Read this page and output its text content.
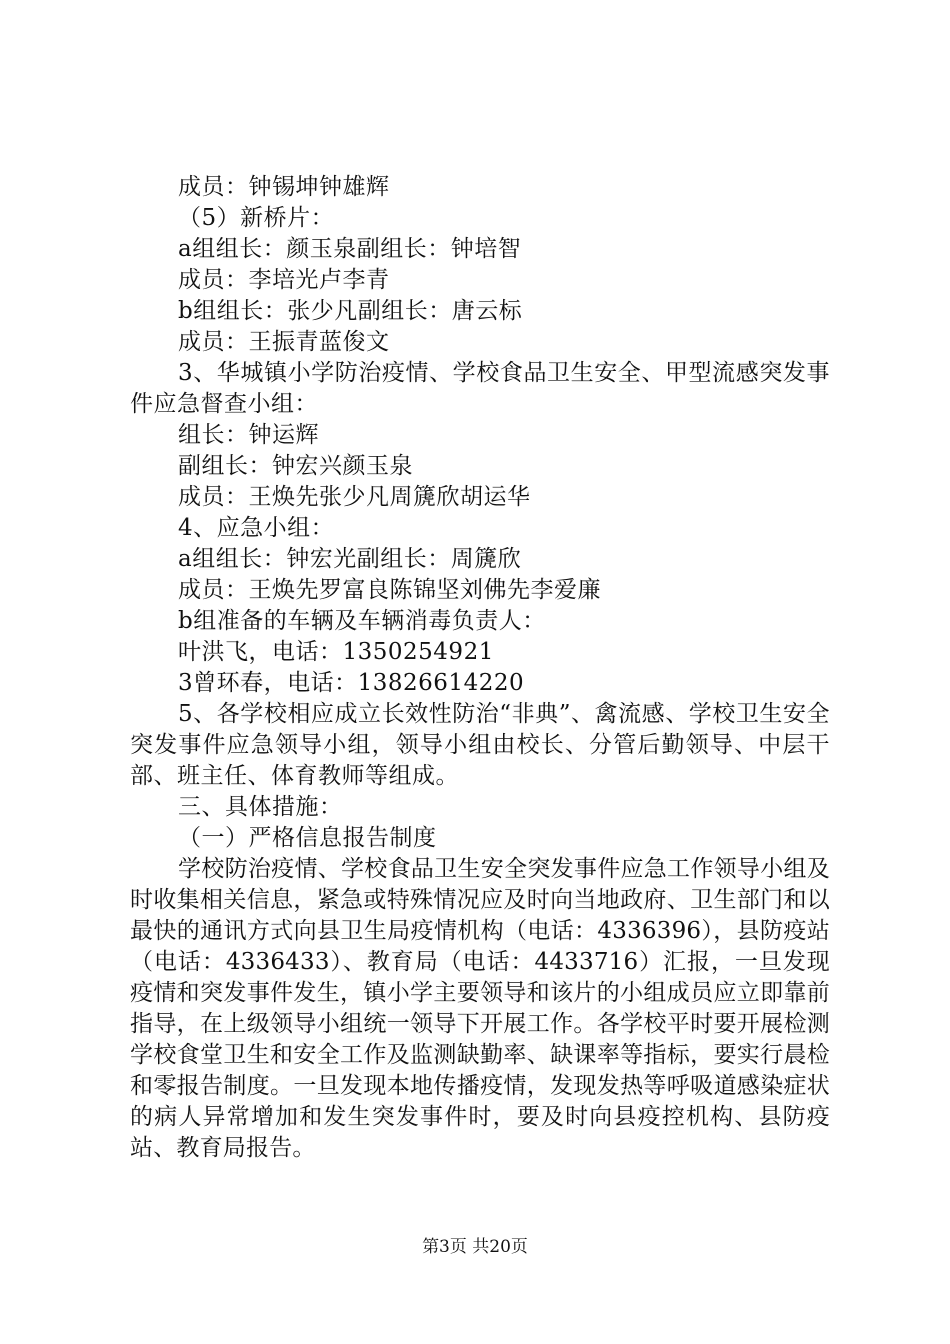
成员：钟锡坤钟雄辉
（5）新桥片：
a组组长：颜玉泉副组长：钟培智
成员：李培光卢李青
b组组长：张少凡副组长：唐云标
成员：王振青蓝俊文

3、华城镇小学防治疫情、学校食品卫生安全、甲型流感突发事件应急督查小组：

组长：钟运辉
副组长：钟宏兴颜玉泉
成员：王焕先张少凡周篪欣胡运华
4、应急小组：
a组组长：钟宏光副组长：周篪欣
成员：王焕先罗富良陈锦坚刘佛先李爱廉
b组准备的车辆及车辆消毒负责人：
叶洪飞，电话：1350254921
3曾环春，电话：13826614220

5、各学校相应成立长效性防治“非典”、禽流感、学校卫生安全突发事件应急领导小组，领导小组由校长、分管后勤领导、中层干部、班主任、体育教师等组成。

三、具体措施：
（一）严格信息报告制度

学校防治疫情、学校食品卫生安全突发事件应急工作领导小组及时收集相关信息，紧急或特殊情况应及时向当地政府、卫生部门和以最快的通讯方式向县卫生局疫情机构（电话：4336396），县防疫站（电话：4336433）、教育局（电话：4433716）汇报，一旦发现疫情和突发事件发生，镇小学主要领导和该片的小组成员应立即靠前指导，在上级领导小组统一领导下开展工作。各学校平时要开展检测学校食堂卫生和安全工作及监测缺勤率、缺课率等指标，要实行晨检和零报告制度。一旦发现本地传播疫情，发现发热等呼吸道感染症状的病人异常增加和发生突发事件时，要及时向县疫控机构、县防疫站、教育局报告。

第3页 共20页
